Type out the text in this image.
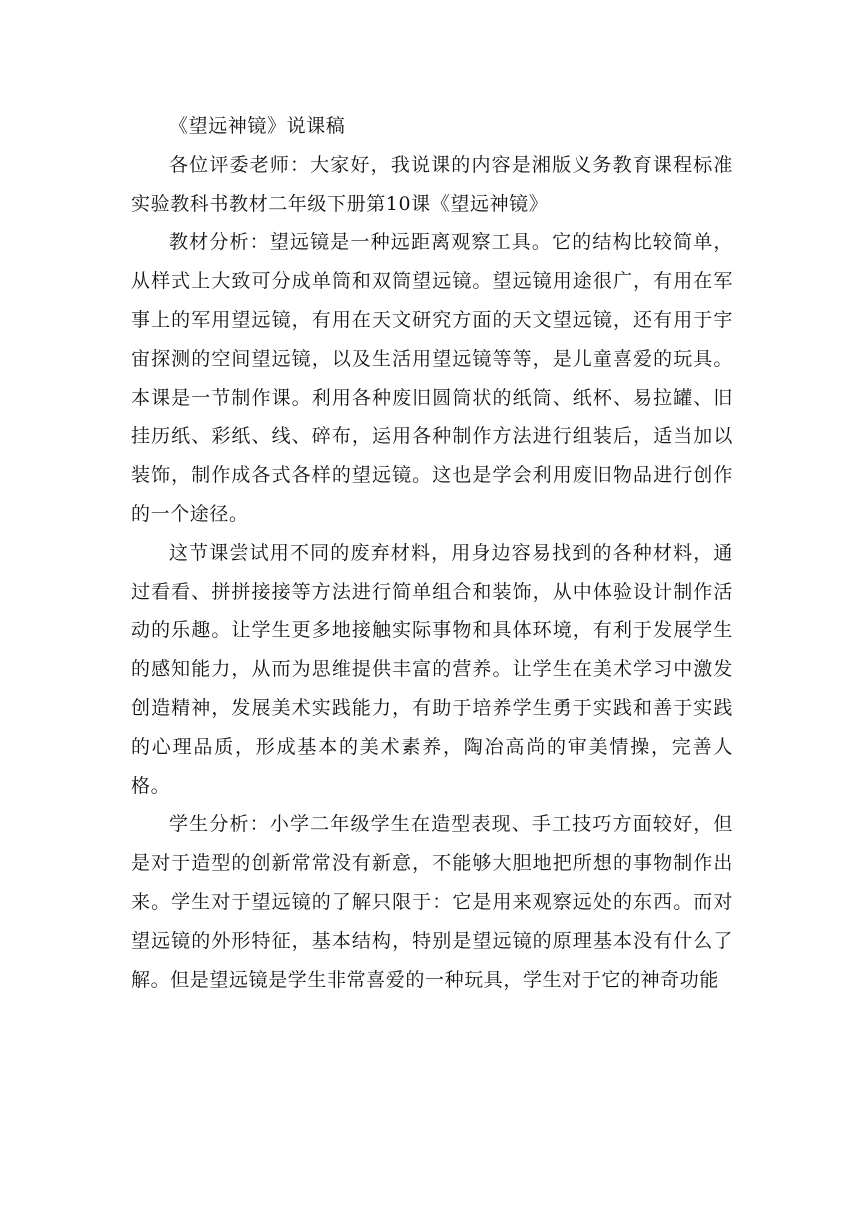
《望远神镜》说课稿

各位评委老师：大家好，我说课的内容是湘版义务教育课程标准实验教科书教材二年级下册第10课《望远神镜》

教材分析：望远镜是一种远距离观察工具。它的结构比较简单，从样式上大致可分成单筒和双筒望远镜。望远镜用途很广，有用在军事上的军用望远镜，有用在天文研究方面的天文望远镜，还有用于宇宙探测的空间望远镜，以及生活用望远镜等等，是儿童喜爱的玩具。本课是一节制作课。利用各种废旧圆筒状的纸筒、纸杯、易拉罐、旧挂历纸、彩纸、线、碎布，运用各种制作方法进行组装后，适当加以装饰，制作成各式各样的望远镜。这也是学会利用废旧物品进行创作的一个途径。

这节课尝试用不同的废弃材料，用身边容易找到的各种材料，通过看看、拼拼接接等方法进行简单组合和装饰，从中体验设计制作活动的乐趣。让学生更多地接触实际事物和具体环境，有利于发展学生的感知能力，从而为思维提供丰富的营养。让学生在美术学习中激发创造精神，发展美术实践能力，有助于培养学生勇于实践和善于实践的心理品质，形成基本的美术素养，陶冶高尚的审美情操，完善人格。

学生分析：小学二年级学生在造型表现、手工技巧方面较好，但是对于造型的创新常常没有新意，不能够大胆地把所想的事物制作出来。学生对于望远镜的了解只限于：它是用来观察远处的东西。而对望远镜的外形特征，基本结构，特别是望远镜的原理基本没有什么了解。但是望远镜是学生非常喜爱的一种玩具，学生对于它的神奇功能
